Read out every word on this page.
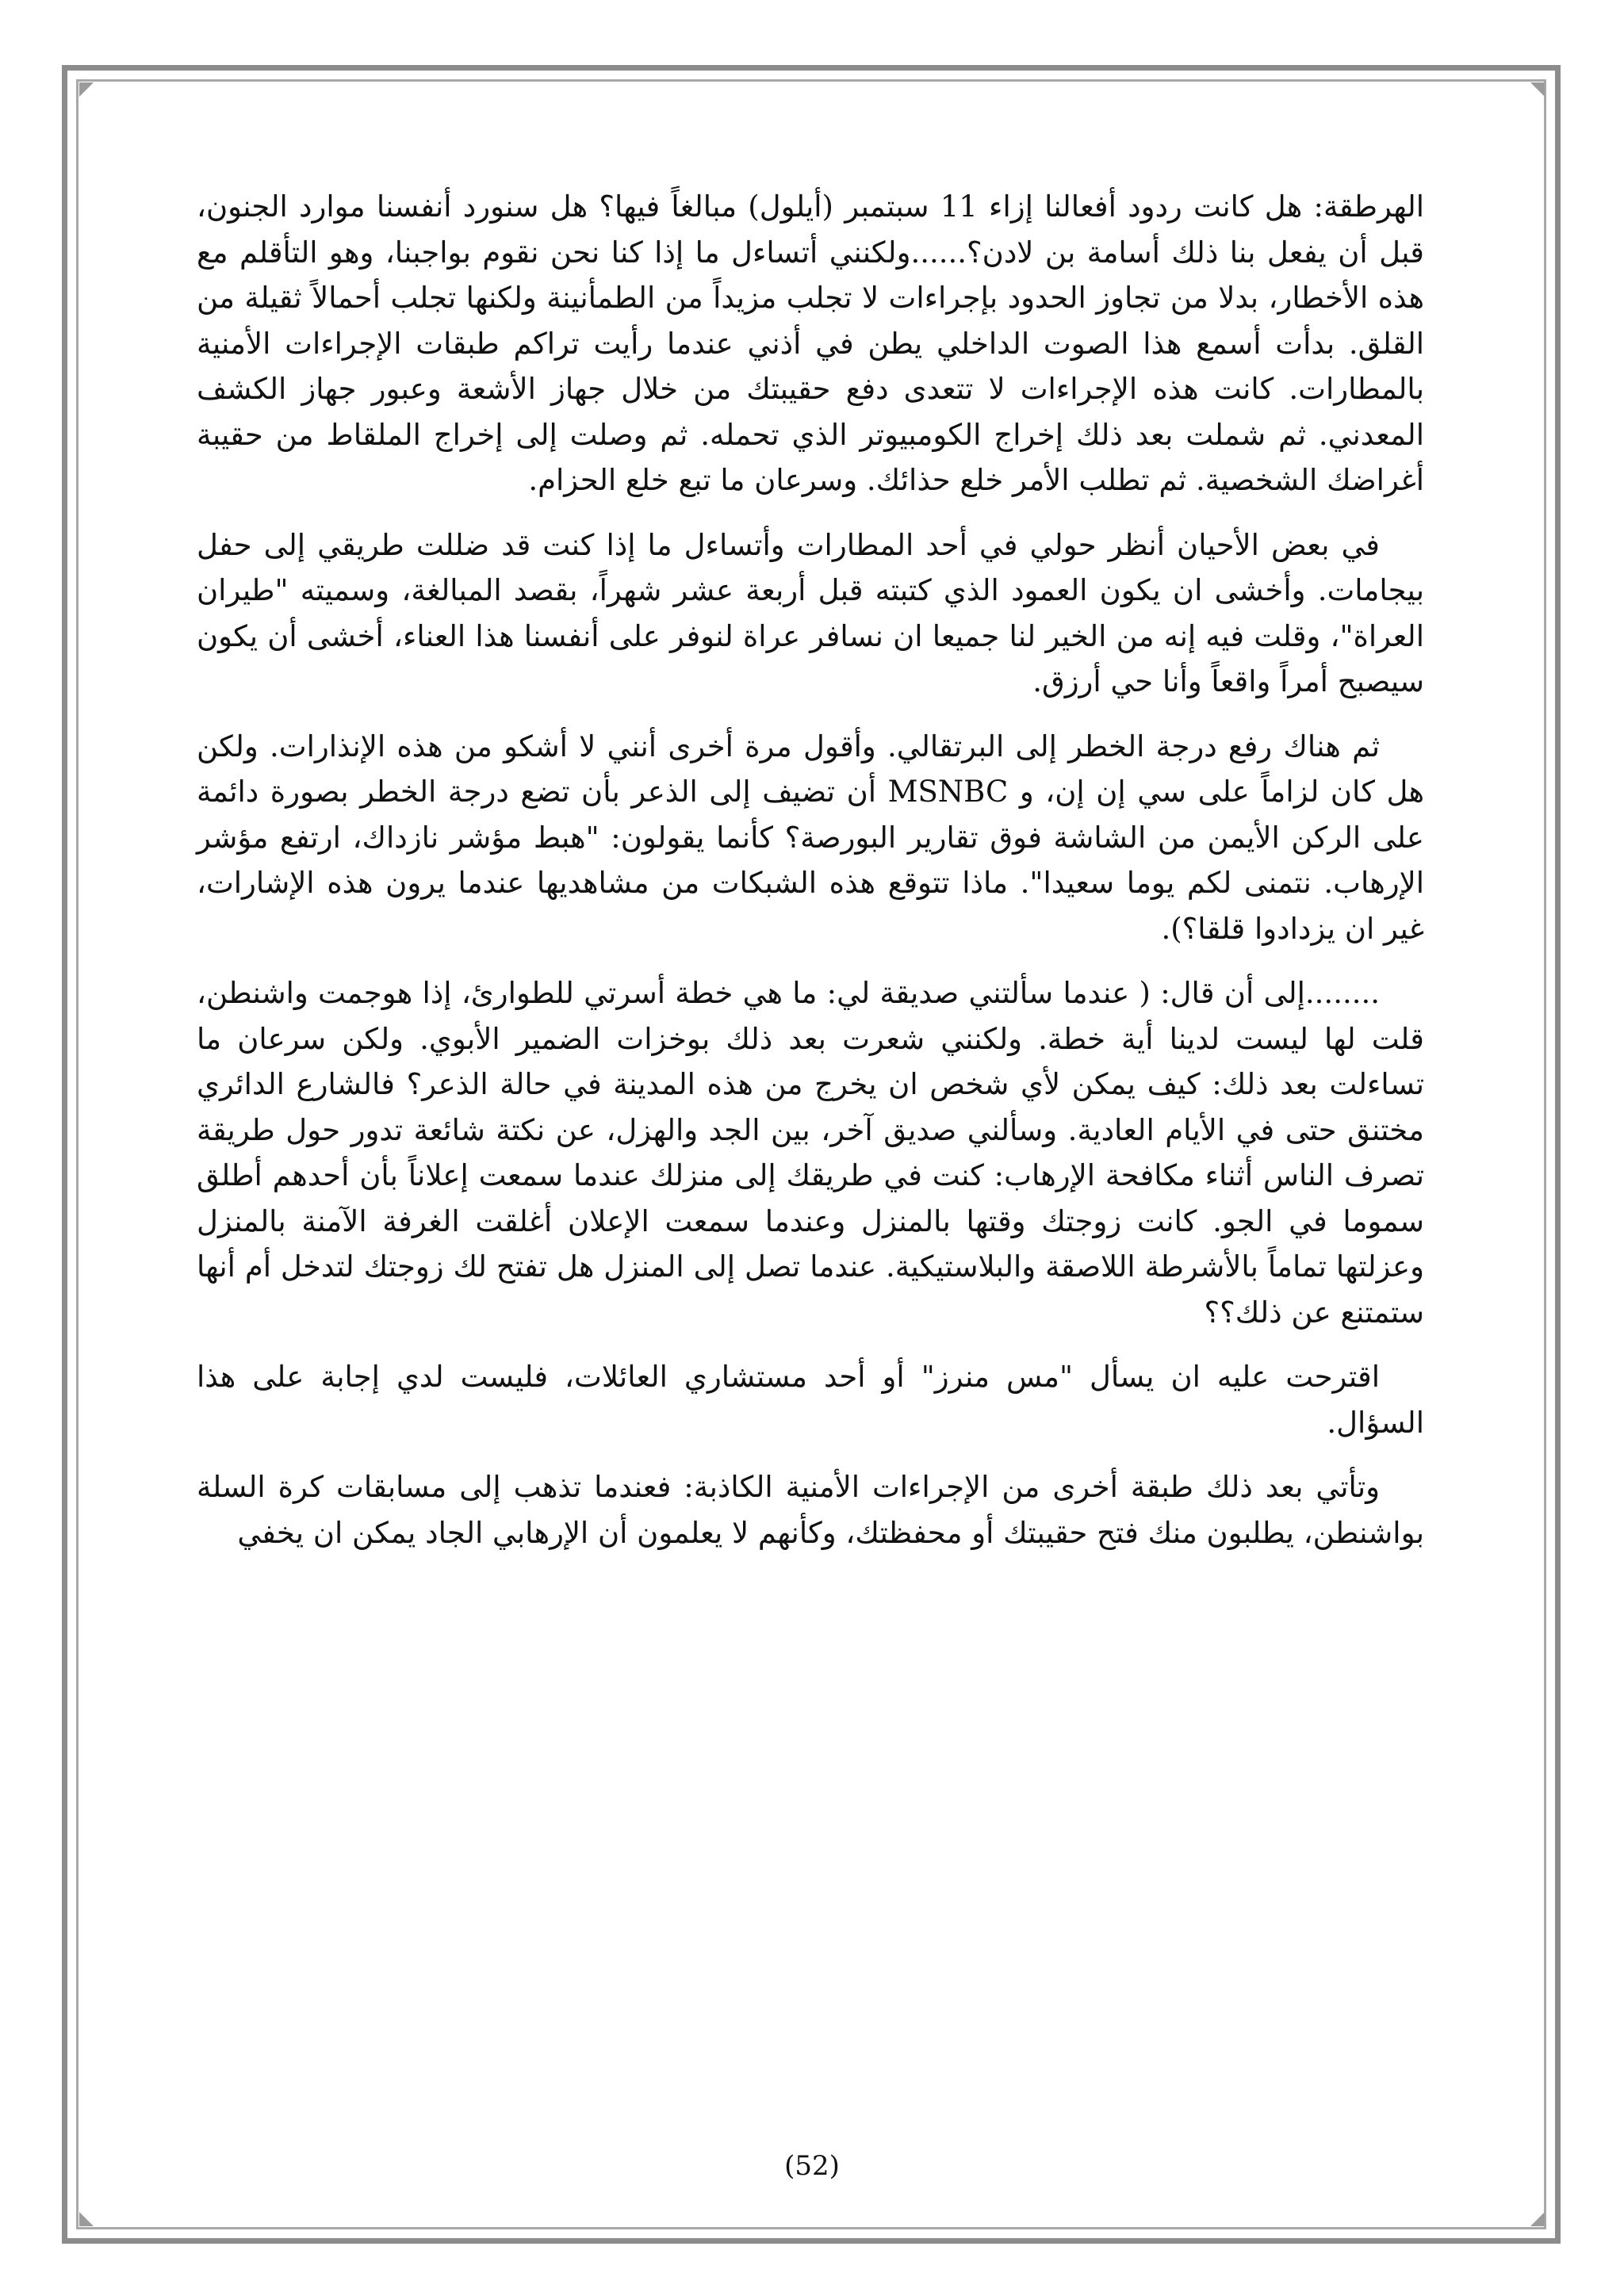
الهرطقة: هل كانت ردود أفعالنا إزاء 11 سبتمبر (أيلول) مبالغاً فيها؟ هل سنورد أنفسنا موارد الجنون، قبل أن يفعل بنا ذلك أسامة بن لادن؟......ولكنني أتساءل ما إذا كنا نحن نقوم بواجبنا، وهو التأقلم مع هذه الأخطار، بدلا من تجاوز الحدود بإجراءات لا تجلب مزيداً من الطمأنينة ولكنها تجلب أحمالاً ثقيلة من القلق. بدأت أسمع هذا الصوت الداخلي يطن في أذني عندما رأيت تراكم طبقات الإجراءات الأمنية بالمطارات. كانت هذه الإجراءات لا تتعدى دفع حقيبتك من خلال جهاز الأشعة وعبور جهاز الكشف المعدني. ثم شملت بعد ذلك إخراج الكومبيوتر الذي تحمله. ثم وصلت إلى إخراج الملقاط من حقيبة أغراضك الشخصية. ثم تطلب الأمر خلع حذائك. وسرعان ما تبع خلع الحزام.

في بعض الأحيان أنظر حولي في أحد المطارات وأتساءل ما إذا كنت قد ضللت طريقي إلى حفل بيجامات. وأخشى ان يكون العمود الذي كتبته قبل أربعة عشر شهراً، بقصد المبالغة، وسميته "طيران العراة"، وقلت فيه إنه من الخير لنا جميعا ان نسافر عراة لنوفر على أنفسنا هذا العناء، أخشى أن يكون سيصبح أمراً واقعاً وأنا حي أرزق.

ثم هناك رفع درجة الخطر إلى البرتقالي. وأقول مرة أخرى أنني لا أشكو من هذه الإنذارات. ولكن هل كان لزاماً على سي إن إن، و MSNBC أن تضيف إلى الذعر بأن تضع درجة الخطر بصورة دائمة على الركن الأيمن من الشاشة فوق تقارير البورصة؟ كأنما يقولون: "هبط مؤشر نازداك، ارتفع مؤشر الإرهاب. نتمنى لكم يوما سعيدا". ماذا تتوقع هذه الشبكات من مشاهديها عندما يرون هذه الإشارات، غير ان يزدادوا قلقا؟).

........إلى أن قال: ( عندما سألتني صديقة لي: ما هي خطة أسرتي للطوارئ، إذا هوجمت واشنطن، قلت لها ليست لدينا أية خطة. ولكنني شعرت بعد ذلك بوخزات الضمير الأبوي. ولكن سرعان ما تساءلت بعد ذلك: كيف يمكن لأي شخص ان يخرج من هذه المدينة في حالة الذعر؟ فالشارع الدائري مختنق حتى في الأيام العادية. وسألني صديق آخر، بين الجد والهزل، عن نكتة شائعة تدور حول طريقة تصرف الناس أثناء مكافحة الإرهاب: كنت في طريقك إلى منزلك عندما سمعت إعلاناً بأن أحدهم أطلق سموما في الجو. كانت زوجتك وقتها بالمنزل وعندما سمعت الإعلان أغلقت الغرفة الآمنة بالمنزل وعزلتها تماماً بالأشرطة اللاصقة والبلاستيكية. عندما تصل إلى المنزل هل تفتح لك زوجتك لتدخل أم أنها ستمتنع عن ذلك؟؟

اقترحت عليه ان يسأل "مس منرز" أو أحد مستشاري العائلات، فليست لدي إجابة على هذا السؤال.

وتأتي بعد ذلك طبقة أخرى من الإجراءات الأمنية الكاذبة: فعندما تذهب إلى مسابقات كرة السلة بواشنطن، يطلبون منك فتح حقيبتك أو محفظتك، وكأنهم لا يعلمون أن الإرهابي الجاد يمكن ان يخفي

(52)
